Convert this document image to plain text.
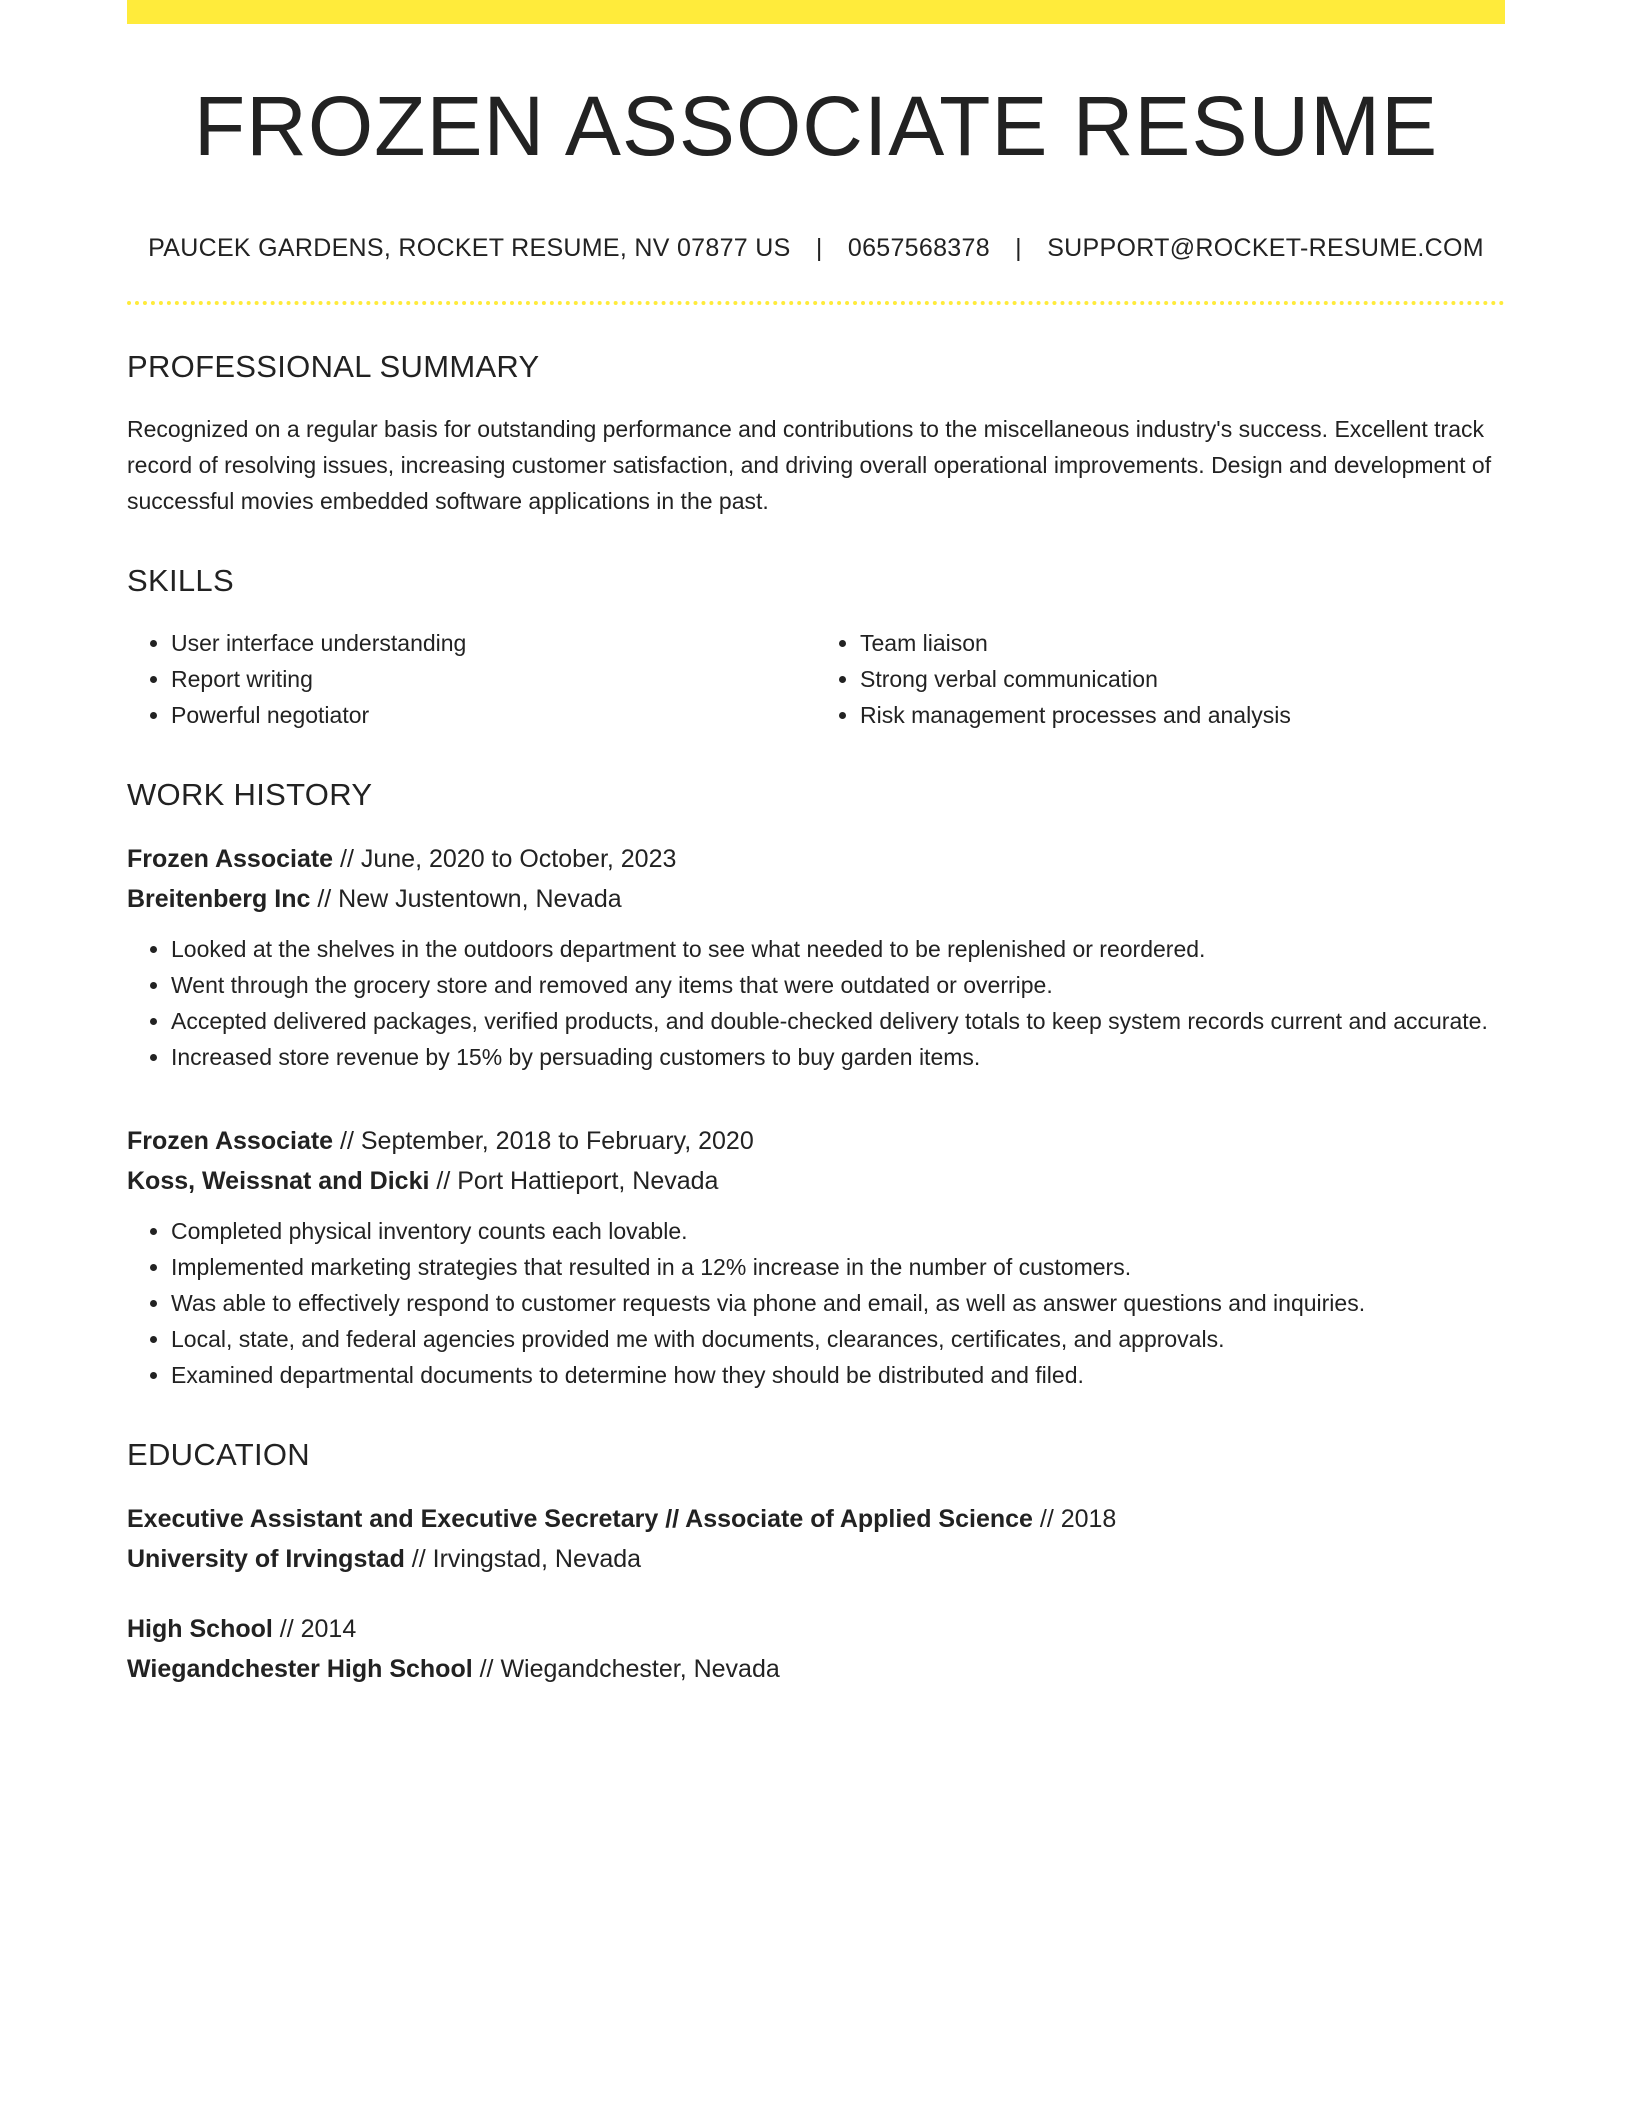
FROZEN ASSOCIATE RESUME
PAUCEK GARDENS, ROCKET RESUME, NV 07877 US | 0657568378 | SUPPORT@ROCKET-RESUME.COM
PROFESSIONAL SUMMARY
Recognized on a regular basis for outstanding performance and contributions to the miscellaneous industry's success. Excellent track record of resolving issues, increasing customer satisfaction, and driving overall operational improvements. Design and development of successful movies embedded software applications in the past.
SKILLS
• User interface understanding
• Report writing
• Powerful negotiator
• Team liaison
• Strong verbal communication
• Risk management processes and analysis
WORK HISTORY
Frozen Associate // June, 2020 to October, 2023
Breitenberg Inc // New Justentown, Nevada
• Looked at the shelves in the outdoors department to see what needed to be replenished or reordered.
• Went through the grocery store and removed any items that were outdated or overripe.
• Accepted delivered packages, verified products, and double-checked delivery totals to keep system records current and accurate.
• Increased store revenue by 15% by persuading customers to buy garden items.
Frozen Associate // September, 2018 to February, 2020
Koss, Weissnat and Dicki // Port Hattieport, Nevada
• Completed physical inventory counts each lovable.
• Implemented marketing strategies that resulted in a 12% increase in the number of customers.
• Was able to effectively respond to customer requests via phone and email, as well as answer questions and inquiries.
• Local, state, and federal agencies provided me with documents, clearances, certificates, and approvals.
• Examined departmental documents to determine how they should be distributed and filed.
EDUCATION
Executive Assistant and Executive Secretary // Associate of Applied Science // 2018
University of Irvingstad // Irvingstad, Nevada
High School // 2014
Wiegandchester High School // Wiegandchester, Nevada
